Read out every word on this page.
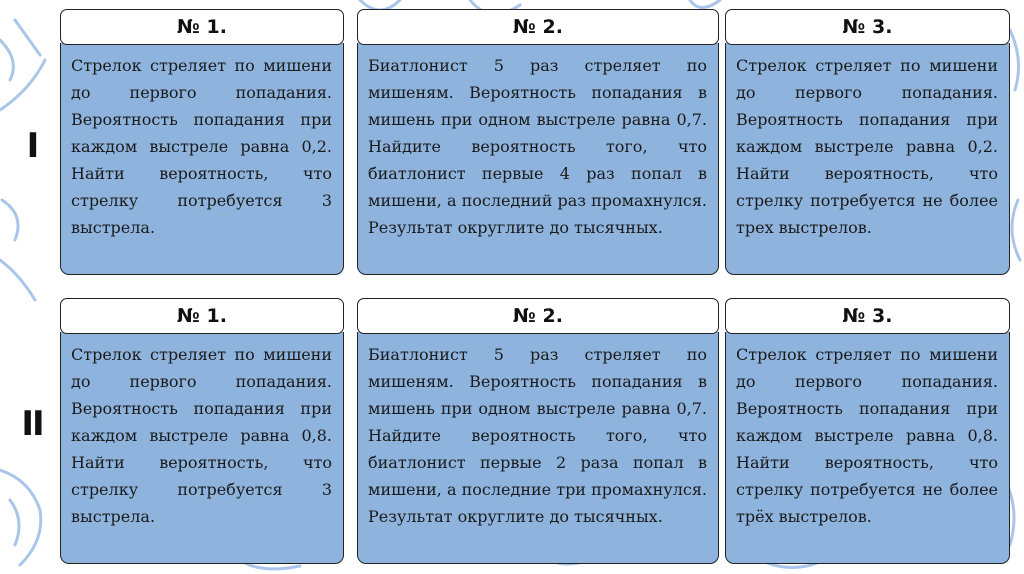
I
II
№ 1.

Стрелок стреляет по мишени до первого попадания. Вероятность попадания при каждом выстреле равна 0,2. Найти вероятность, что стрелку потребуется 3 выстрела.

№ 2.

Биатлонист 5 раз стреляет по мишеням. Вероятность попадания в мишень при одном выстреле равна 0,7. Найдите вероятность того, что биатлонист первые 4 раз попал в мишени, а последний раз промахнулся. Результат округлите до тысячных.

№ 3.

Стрелок стреляет по мишени до первого попадания. Вероятность попадания при каждом выстреле равна 0,2. Найти вероятность, что стрелку потребуется не более трех выстрелов.

№ 1.

Стрелок стреляет по мишени до первого попадания. Вероятность попадания при каждом выстреле равна 0,8. Найти вероятность, что стрелку потребуется 3 выстрела.

№ 2.

Биатлонист 5 раз стреляет по мишеням. Вероятность попадания в мишень при одном выстреле равна 0,7. Найдите вероятность того, что биатлонист первые 2 раза попал в мишени, а последние три промахнулся. Результат округлите до тысячных.

№ 3.

Стрелок стреляет по мишени до первого попадания. Вероятность попадания при каждом выстреле равна 0,8. Найти вероятность, что стрелку потребуется не более трёх выстрелов.
